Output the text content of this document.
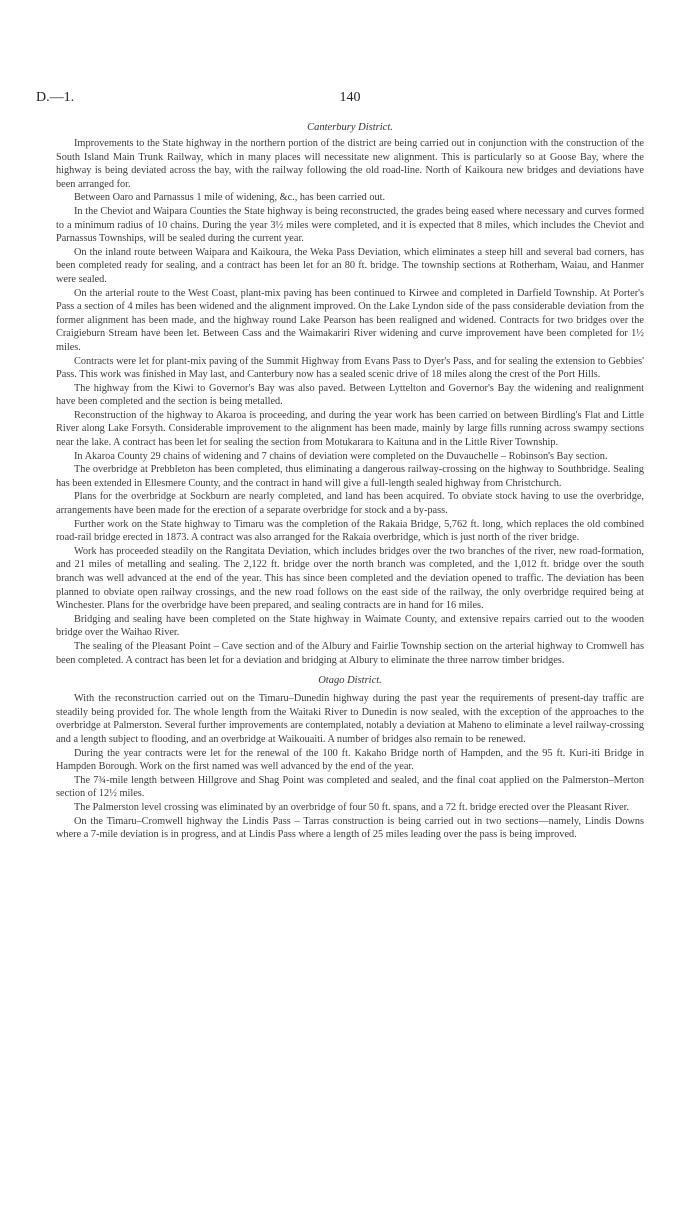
D.—1.	140
Canterbury District.

Improvements to the State highway in the northern portion of the district are being carried out in conjunction with the construction of the South Island Main Trunk Railway, which in many places will necessitate new alignment. This is particularly so at Goose Bay, where the highway is being deviated across the bay, with the railway following the old road-line. North of Kaikoura new bridges and deviations have been arranged for.

Between Oaro and Parnassus 1 mile of widening, &c., has been carried out.

In the Cheviot and Waipara Counties the State highway is being reconstructed, the grades being eased where necessary and curves formed to a minimum radius of 10 chains. During the year 3½ miles were completed, and it is expected that 8 miles, which includes the Cheviot and Parnassus Townships, will be sealed during the current year.

On the inland route between Waipara and Kaikoura, the Weka Pass Deviation, which eliminates a steep hill and several bad corners, has been completed ready for sealing, and a contract has been let for an 80 ft. bridge. The township sections at Rotherham, Waiau, and Hanmer were sealed.

On the arterial route to the West Coast, plant-mix paving has been continued to Kirwee and completed in Darfield Township. At Porter's Pass a section of 4 miles has been widened and the alignment improved. On the Lake Lyndon side of the pass considerable deviation from the former alignment has been made, and the highway round Lake Pearson has been realigned and widened. Contracts for two bridges over the Craigieburn Stream have been let. Between Cass and the Waimakariri River widening and curve improvement have been completed for 1½ miles.

Contracts were let for plant-mix paving of the Summit Highway from Evans Pass to Dyer's Pass, and for sealing the extension to Gebbies' Pass. This work was finished in May last, and Canterbury now has a sealed scenic drive of 18 miles along the crest of the Port Hills.

The highway from the Kiwi to Governor's Bay was also paved. Between Lyttelton and Governor's Bay the widening and realignment have been completed and the section is being metalled.

Reconstruction of the highway to Akaroa is proceeding, and during the year work has been carried on between Birdling's Flat and Little River along Lake Forsyth. Considerable improvement to the alignment has been made, mainly by large fills running across swampy sections near the lake. A contract has been let for sealing the section from Motukarara to Kaituna and in the Little River Township.

In Akaroa County 29 chains of widening and 7 chains of deviation were completed on the Duvauchelle – Robinson's Bay section.

The overbridge at Prebbleton has been completed, thus eliminating a dangerous railway-crossing on the highway to Southbridge. Sealing has been extended in Ellesmere County, and the contract in hand will give a full-length sealed highway from Christchurch.

Plans for the overbridge at Sockburn are nearly completed, and land has been acquired. To obviate stock having to use the overbridge, arrangements have been made for the erection of a separate overbridge for stock and a by-pass.

Further work on the State highway to Timaru was the completion of the Rakaia Bridge, 5,762 ft. long, which replaces the old combined road-rail bridge erected in 1873. A contract was also arranged for the Rakaia overbridge, which is just north of the river bridge.

Work has proceeded steadily on the Rangitata Deviation, which includes bridges over the two branches of the river, new road-formation, and 21 miles of metalling and sealing. The 2,122 ft. bridge over the north branch was completed, and the 1,012 ft. bridge over the south branch was well advanced at the end of the year. This has since been completed and the deviation opened to traffic. The deviation has been planned to obviate open railway crossings, and the new road follows on the east side of the railway, the only overbridge required being at Winchester. Plans for the overbridge have been prepared, and sealing contracts are in hand for 16 miles.

Bridging and sealing have been completed on the State highway in Waimate County, and extensive repairs carried out to the wooden bridge over the Waihao River.

The sealing of the Pleasant Point – Cave section and of the Albury and Fairlie Township section on the arterial highway to Cromwell has been completed. A contract has been let for a deviation and bridging at Albury to eliminate the three narrow timber bridges.

Otago District.

With the reconstruction carried out on the Timaru–Dunedin highway during the past year the requirements of present-day traffic are steadily being provided for. The whole length from the Waitaki River to Dunedin is now sealed, with the exception of the approaches to the overbridge at Palmerston. Several further improvements are contemplated, notably a deviation at Maheno to eliminate a level railway-crossing and a length subject to flooding, and an overbridge at Waikouaiti. A number of bridges also remain to be renewed.

During the year contracts were let for the renewal of the 100 ft. Kakaho Bridge north of Hampden, and the 95 ft. Kuri-iti Bridge in Hampden Borough. Work on the first named was well advanced by the end of the year.

The 7¾-mile length between Hillgrove and Shag Point was completed and sealed, and the final coat applied on the Palmerston–Merton section of 12½ miles.

The Palmerston level crossing was eliminated by an overbridge of four 50 ft. spans, and a 72 ft. bridge erected over the Pleasant River.

On the Timaru–Cromwell highway the Lindis Pass – Tarras construction is being carried out in two sections—namely, Lindis Downs where a 7-mile deviation is in progress, and at Lindis Pass where a length of 25 miles leading over the pass is being improved.
